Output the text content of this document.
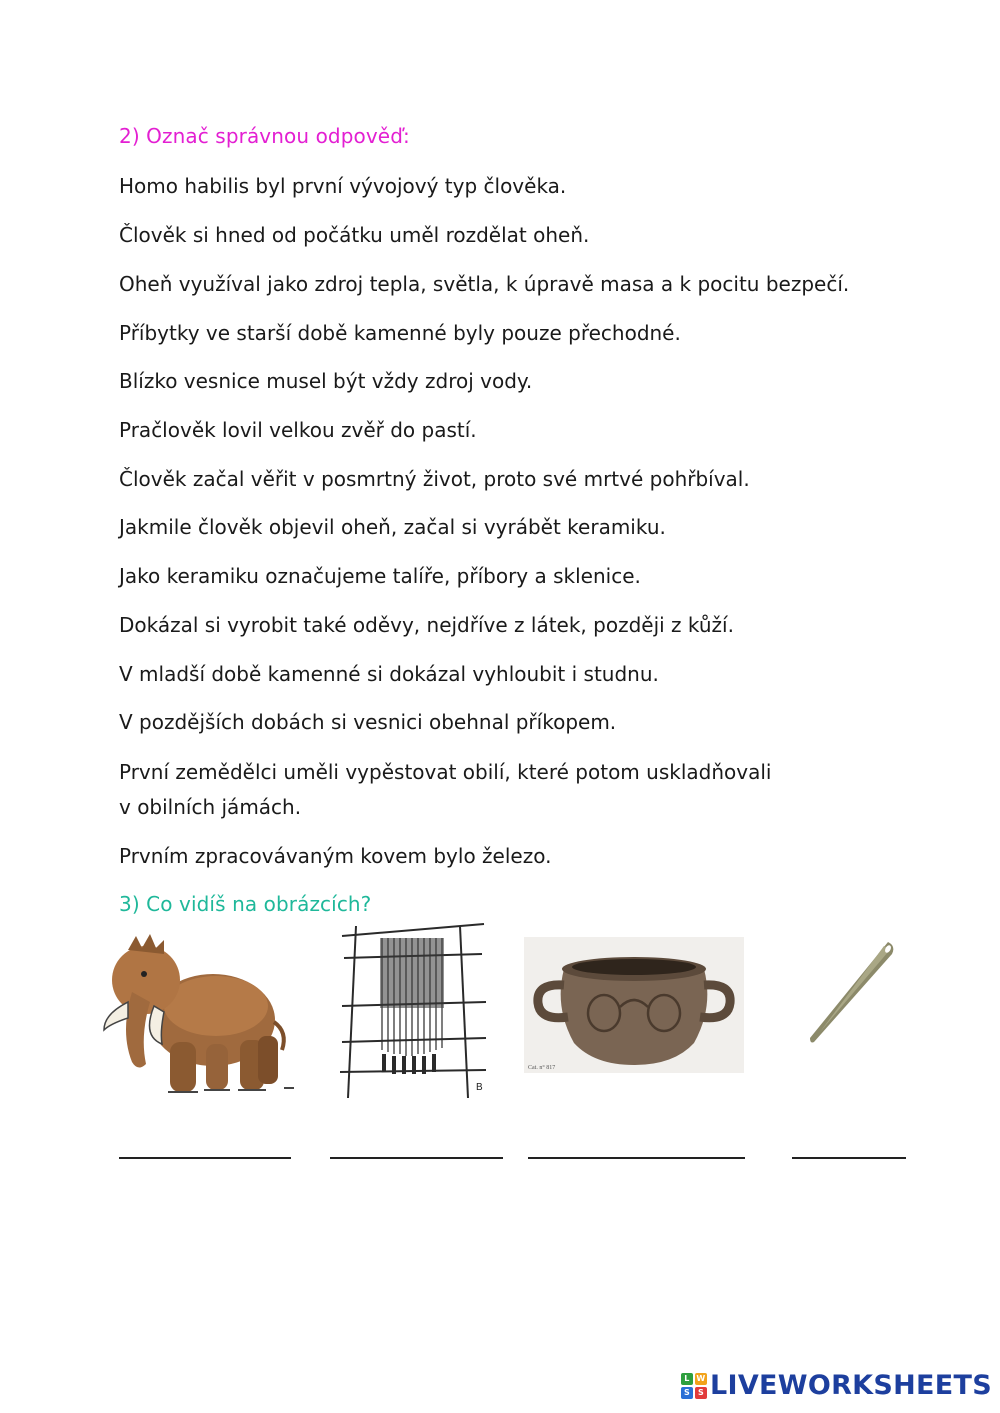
2) Označ správnou odpověď:
Homo habilis byl první vývojový typ člověka.
Člověk si hned od počátku uměl rozdělat oheň.
Oheň využíval jako zdroj tepla, světla, k úpravě masa a k pocitu bezpečí.
Příbytky ve starší době kamenné byly pouze přechodné.
Blízko vesnice musel být vždy zdroj vody.
Pračlověk lovil velkou zvěř do pastí.
Člověk začal věřit v posmrtný život, proto své mrtvé pohřbíval.
Jakmile člověk objevil oheň, začal si vyrábět keramiku.
Jako keramiku označujeme talíře, příbory a sklenice.
Dokázal si vyrobit také oděvy, nejdříve z látek, později z kůží.
V mladší době kamenné si dokázal vyhloubit i studnu.
V pozdějších dobách si vesnici obehnal příkopem.
První zemědělci uměli vypěstovat obilí, které potom uskladňovali
v obilních jámách.
Prvním zpracovávaným kovem bylo železo.
3) Co vidíš na obrázcích?
B
Cat. n° 817
L W
S S LIVEWORKSHEETS
